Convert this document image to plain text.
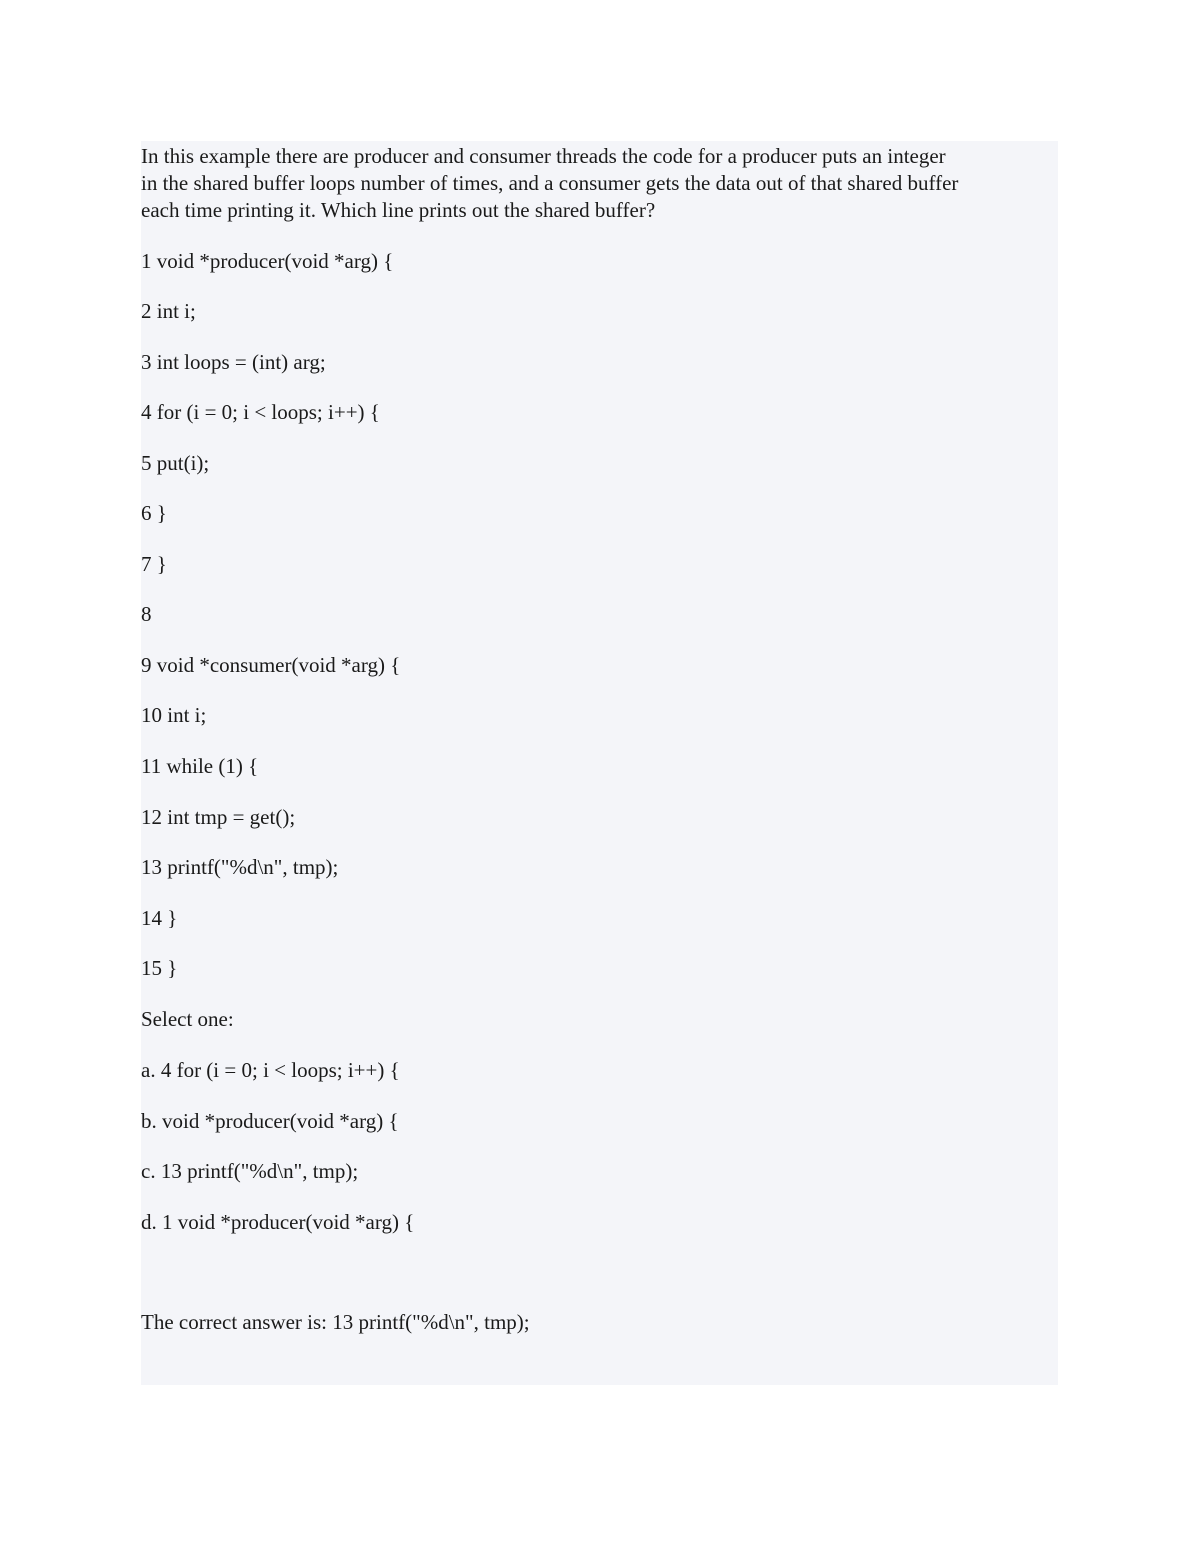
In this example there are producer and consumer threads the code for a producer puts an integer
in the shared buffer loops number of times, and a consumer gets the data out of that shared buffer
each time printing it. Which line prints out the shared buffer?

1 void *producer(void *arg) {

2 int i;

3 int loops = (int) arg;

4 for (i = 0; i < loops; i++) {

5 put(i);

6 }

7 }

8

9 void *consumer(void *arg) {

10 int i;

11 while (1) {

12 int tmp = get();

13 printf("%d\n", tmp);

14 }

15 }

Select one:

a. 4 for (i = 0; i < loops; i++) {

b. void *producer(void *arg) {

c. 13 printf("%d\n", tmp);

d. 1 void *producer(void *arg) {

The correct answer is: 13 printf("%d\n", tmp);
